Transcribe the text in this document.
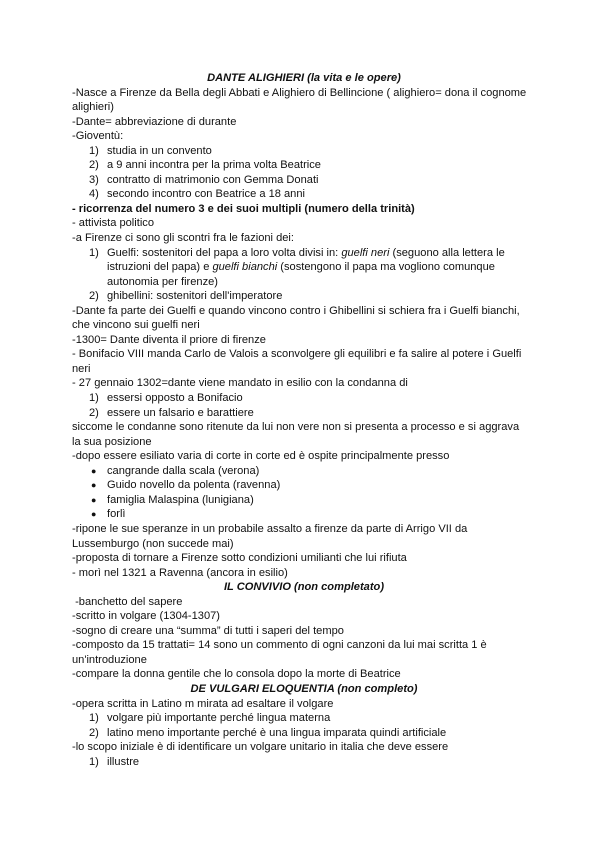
DANTE ALIGHIERI (la vita e le opere)
-Nasce a Firenze da Bella degli Abbati e Alighiero di Bellincione ( alighiero= dona il cognome
alighieri)
-Dante= abbreviazione di durante
-Gioventù:
1) studia in un convento
2) a 9 anni incontra per la prima volta Beatrice
3) contratto di matrimonio con Gemma Donati
4) secondo incontro con Beatrice a 18 anni
- ricorrenza del numero 3 e dei suoi multipli (numero della trinità)
- attivista politico
-a Firenze ci sono gli scontri fra le fazioni dei:
1) Guelfi: sostenitori del papa a loro volta divisi in: guelfi neri (seguono alla lettera le
istruzioni del papa) e guelfi bianchi (sostengono il papa ma vogliono comunque
autonomia per firenze)
2) ghibellini: sostenitori dell'imperatore
-Dante fa parte dei Guelfi e quando vincono contro i Ghibellini si schiera fra i Guelfi bianchi,
che vincono sui guelfi neri
-1300= Dante diventa il priore di firenze
- Bonifacio VIII manda Carlo de Valois a sconvolgere gli equilibri e fa salire al potere i Guelfi
neri
- 27 gennaio 1302=dante viene mandato in esilio con la condanna di
1) essersi opposto a Bonifacio
2) essere un falsario e barattiere
siccome le condanne sono ritenute da lui non vere non si presenta a processo e si aggrava
la sua posizione
-dopo essere esiliato varia di corte in corte ed è ospite principalmente presso
● cangrande dalla scala (verona)
● Guido novello da polenta (ravenna)
● famiglia Malaspina (lunigiana)
● forlì
-ripone le sue speranze in un probabile assalto a firenze da parte di Arrigo VII da
Lussemburgo (non succede mai)
-proposta di tornare a Firenze sotto condizioni umilianti che lui rifiuta
- morì nel 1321 a Ravenna (ancora in esilio)
IL CONVIVIO (non completato)
-banchetto del sapere
-scritto in volgare (1304-1307)
-sogno di creare una “summa” di tutti i saperi del tempo
-composto da 15 trattati= 14 sono un commento di ogni canzoni da lui mai scritta 1 è
un'introduzione
-compare la donna gentile che lo consola dopo la morte di Beatrice
DE VULGARI ELOQUENTIA (non completo)
-opera scritta in Latino m mirata ad esaltare il volgare
1) volgare più importante perché lingua materna
2) latino meno importante perché è una lingua imparata quindi artificiale
-lo scopo iniziale è di identificare un volgare unitario in italia che deve essere
1) illustre
